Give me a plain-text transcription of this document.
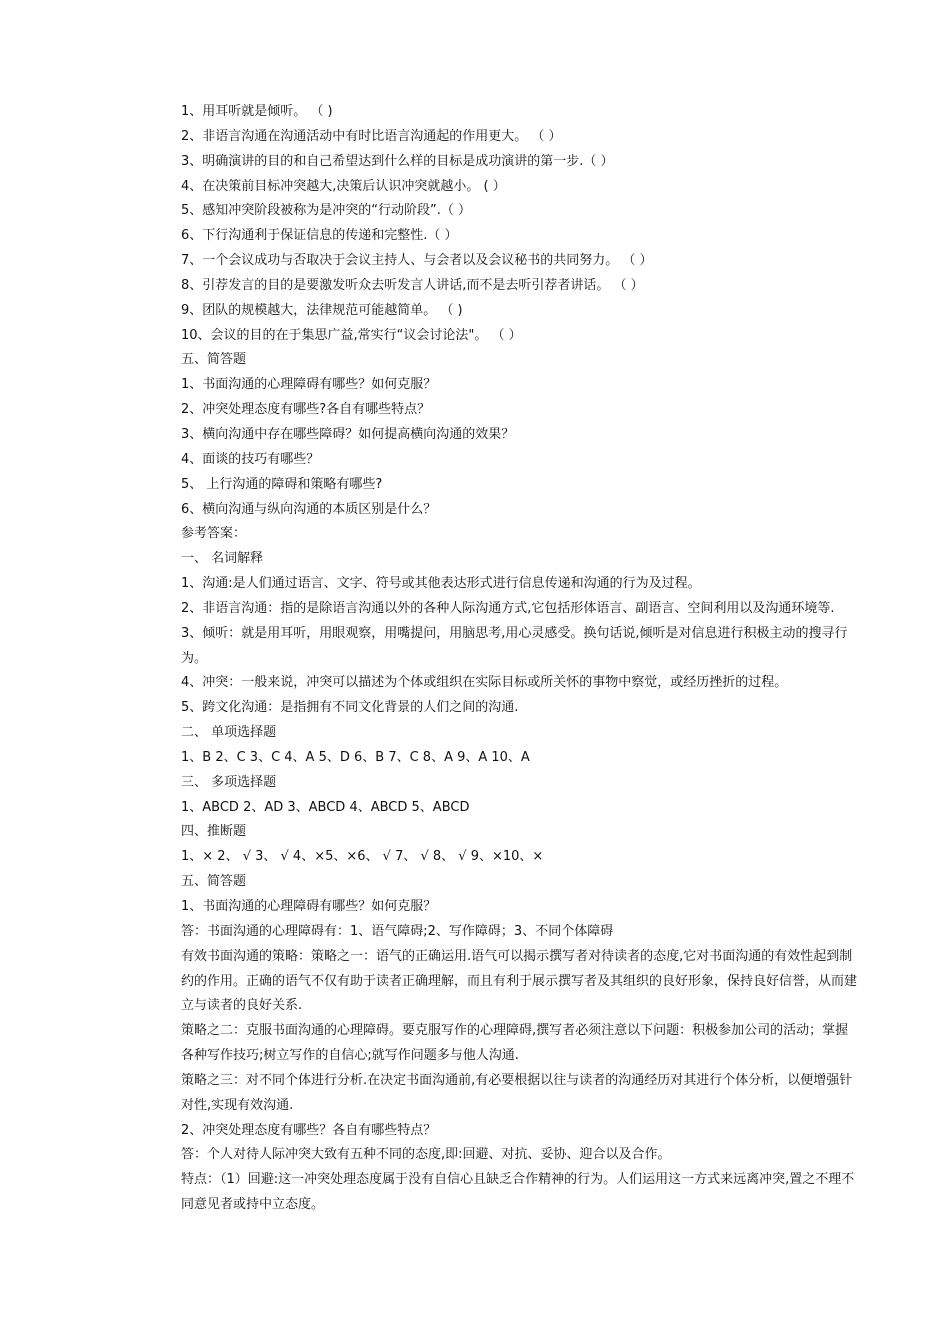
1、用耳听就是倾听。 （ )
2、非语言沟通在沟通活动中有时比语言沟通起的作用更大。 （ ）
3、明确演讲的目的和自己希望达到什么样的目标是成功演讲的第一步.（ ）
4、在决策前目标冲突越大,决策后认识冲突就越小。 ( ）
5、感知冲突阶段被称为是冲突的“行动阶段”.（ ）
6、下行沟通利于保证信息的传递和完整性.（ ）
7、一个会议成功与否取决于会议主持人、与会者以及会议秘书的共同努力。 （ ）
8、引荐发言的目的是要激发听众去听发言人讲话,而不是去听引荐者讲话。 （ ）
9、团队的规模越大，法律规范可能越简单。 （ )
10、会议的目的在于集思广益,常实行“议会讨论法"。 （ ）
五、简答题
1、书面沟通的心理障碍有哪些？如何克服？
2、冲突处理态度有哪些?各自有哪些特点？
3、横向沟通中存在哪些障碍？如何提高横向沟通的效果？
4、面谈的技巧有哪些？
5、 上行沟通的障碍和策略有哪些?
6、横向沟通与纵向沟通的本质区别是什么？
参考答案：
一、 名词解释
1、沟通:是人们通过语言、文字、符号或其他表达形式进行信息传递和沟通的行为及过程。
2、非语言沟通：指的是除语言沟通以外的各种人际沟通方式,它包括形体语言、副语言、空间利用以及沟通环境等.
3、倾听：就是用耳听，用眼观察，用嘴提问，用脑思考,用心灵感受。换句话说,倾听是对信息进行积极主动的搜寻行为。
4、冲突：一般来说，冲突可以描述为个体或组织在实际目标或所关怀的事物中察觉，或经历挫折的过程。
5、跨文化沟通：是指拥有不同文化背景的人们之间的沟通.
二、 单项选择题
1、B 2、C 3、C 4、A 5、D 6、B 7、C 8、A 9、A 10、A
三、 多项选择题
1、ABCD 2、AD 3、ABCD 4、ABCD 5、ABCD
四、推断题
1、× 2、 √ 3、 √ 4、×5、×6、 √ 7、 √ 8、 √ 9、×10、×
五、简答题
1、书面沟通的心理障碍有哪些？如何克服？
答：书面沟通的心理障碍有：1、语气障碍;2、写作障碍；3、不同个体障碍
有效书面沟通的策略：策略之一：语气的正确运用.语气可以揭示撰写者对待读者的态度,它对书面沟通的有效性起到制约的作用。正确的语气不仅有助于读者正确理解，而且有利于展示撰写者及其组织的良好形象，保持良好信誉，从而建立与读者的良好关系.
策略之二：克服书面沟通的心理障碍。要克服写作的心理障碍,撰写者必须注意以下问题：积极参加公司的活动；掌握各种写作技巧;树立写作的自信心;就写作问题多与他人沟通.
策略之三：对不同个体进行分析.在决定书面沟通前,有必要根据以往与读者的沟通经历对其进行个体分析，以便增强针对性,实现有效沟通.
2、冲突处理态度有哪些？各自有哪些特点？
答：个人对待人际冲突大致有五种不同的态度,即:回避、对抗、妥协、迎合以及合作。
特点：（1）回避:这一冲突处理态度属于没有自信心且缺乏合作精神的行为。人们运用这一方式来远离冲突,置之不理不同意见者或持中立态度。
